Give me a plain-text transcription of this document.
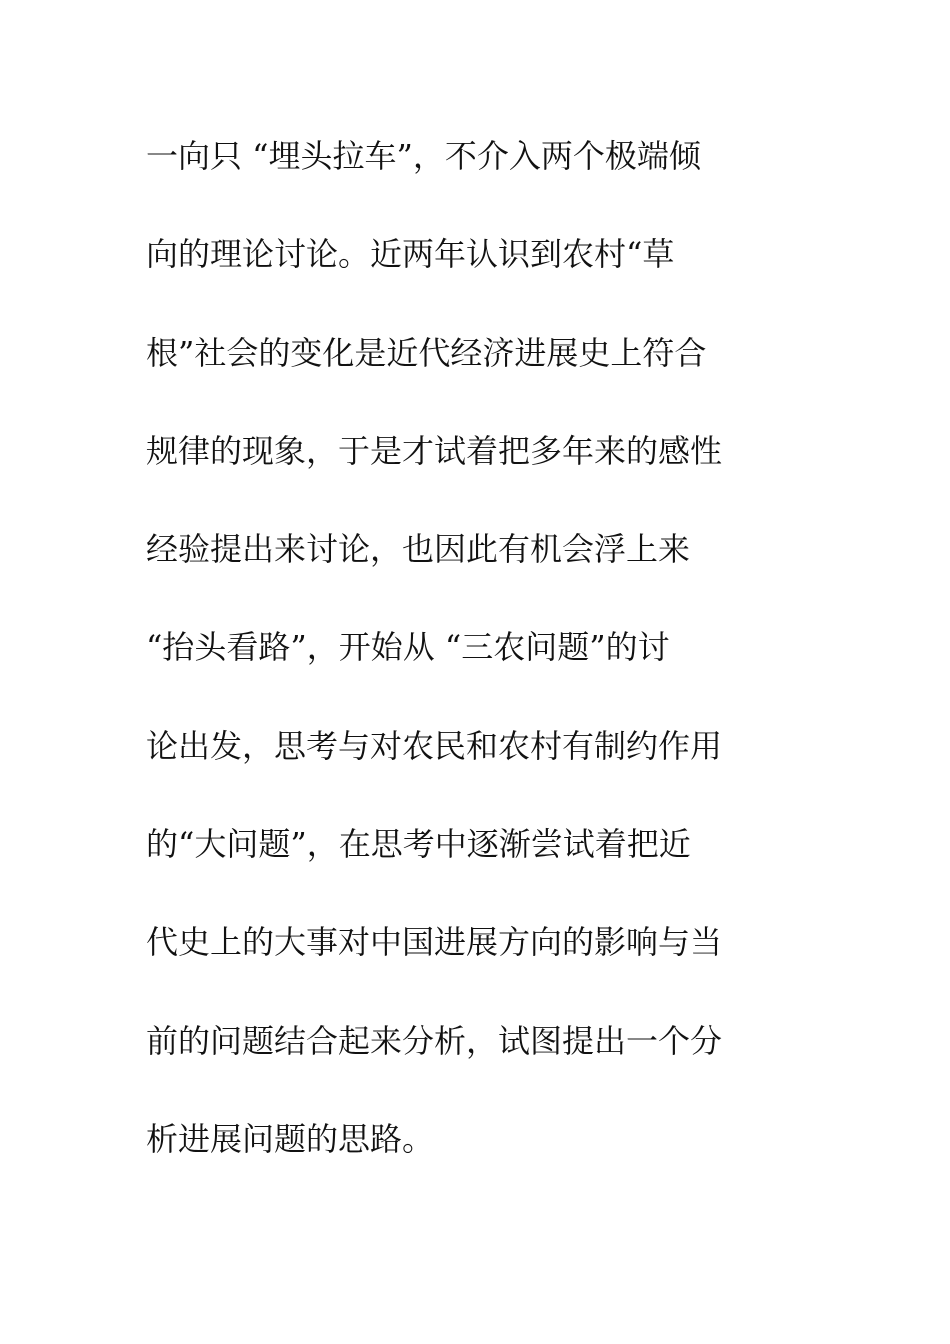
一向只 “埋头拉车”，不介入两个极端倾
向的理论讨论。近两年认识到农村“草
根”社会的变化是近代经济进展史上符合
规律的现象，于是才试着把多年来的感性
经验提出来讨论，也因此有机会浮上来
“抬头看路”，开始从 “三农问题”的讨
论出发，思考与对农民和农村有制约作用
的“大问题”，在思考中逐渐尝试着把近
代史上的大事对中国进展方向的影响与当
前的问题结合起来分析，试图提出一个分
析进展问题的思路。
